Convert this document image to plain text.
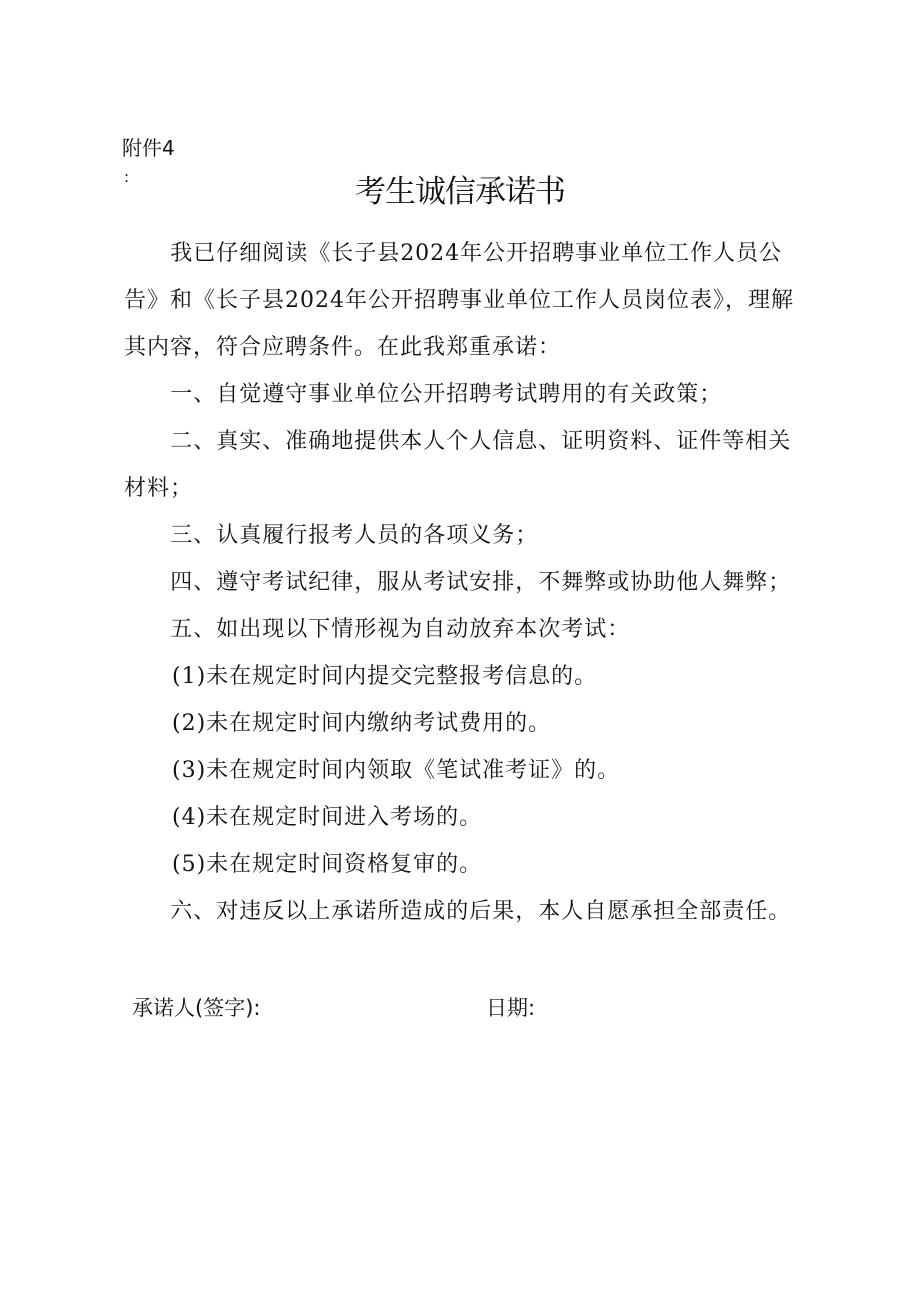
附件4
:	考生诚信承诺书

我已仔细阅读《长子县2024年公开招聘事业单位工作人员公告》和《长子县2024年公开招聘事业单位工作人员岗位表》，理解其内容，符合应聘条件。在此我郑重承诺：

一、自觉遵守事业单位公开招聘考试聘用的有关政策；

二、真实、准确地提供本人个人信息、证明资料、证件等相关材料；

三、认真履行报考人员的各项义务；

四、遵守考试纪律，服从考试安排，不舞弊或协助他人舞弊；

五、如出现以下情形视为自动放弃本次考试：

(1)未在规定时间内提交完整报考信息的。

(2)未在规定时间内缴纳考试费用的。

(3)未在规定时间内领取《笔试准考证》的。

(4)未在规定时间进入考场的。

(5)未在规定时间资格复审的。

六、对违反以上承诺所造成的后果，本人自愿承担全部责任。

承诺人(签字):	日期:
